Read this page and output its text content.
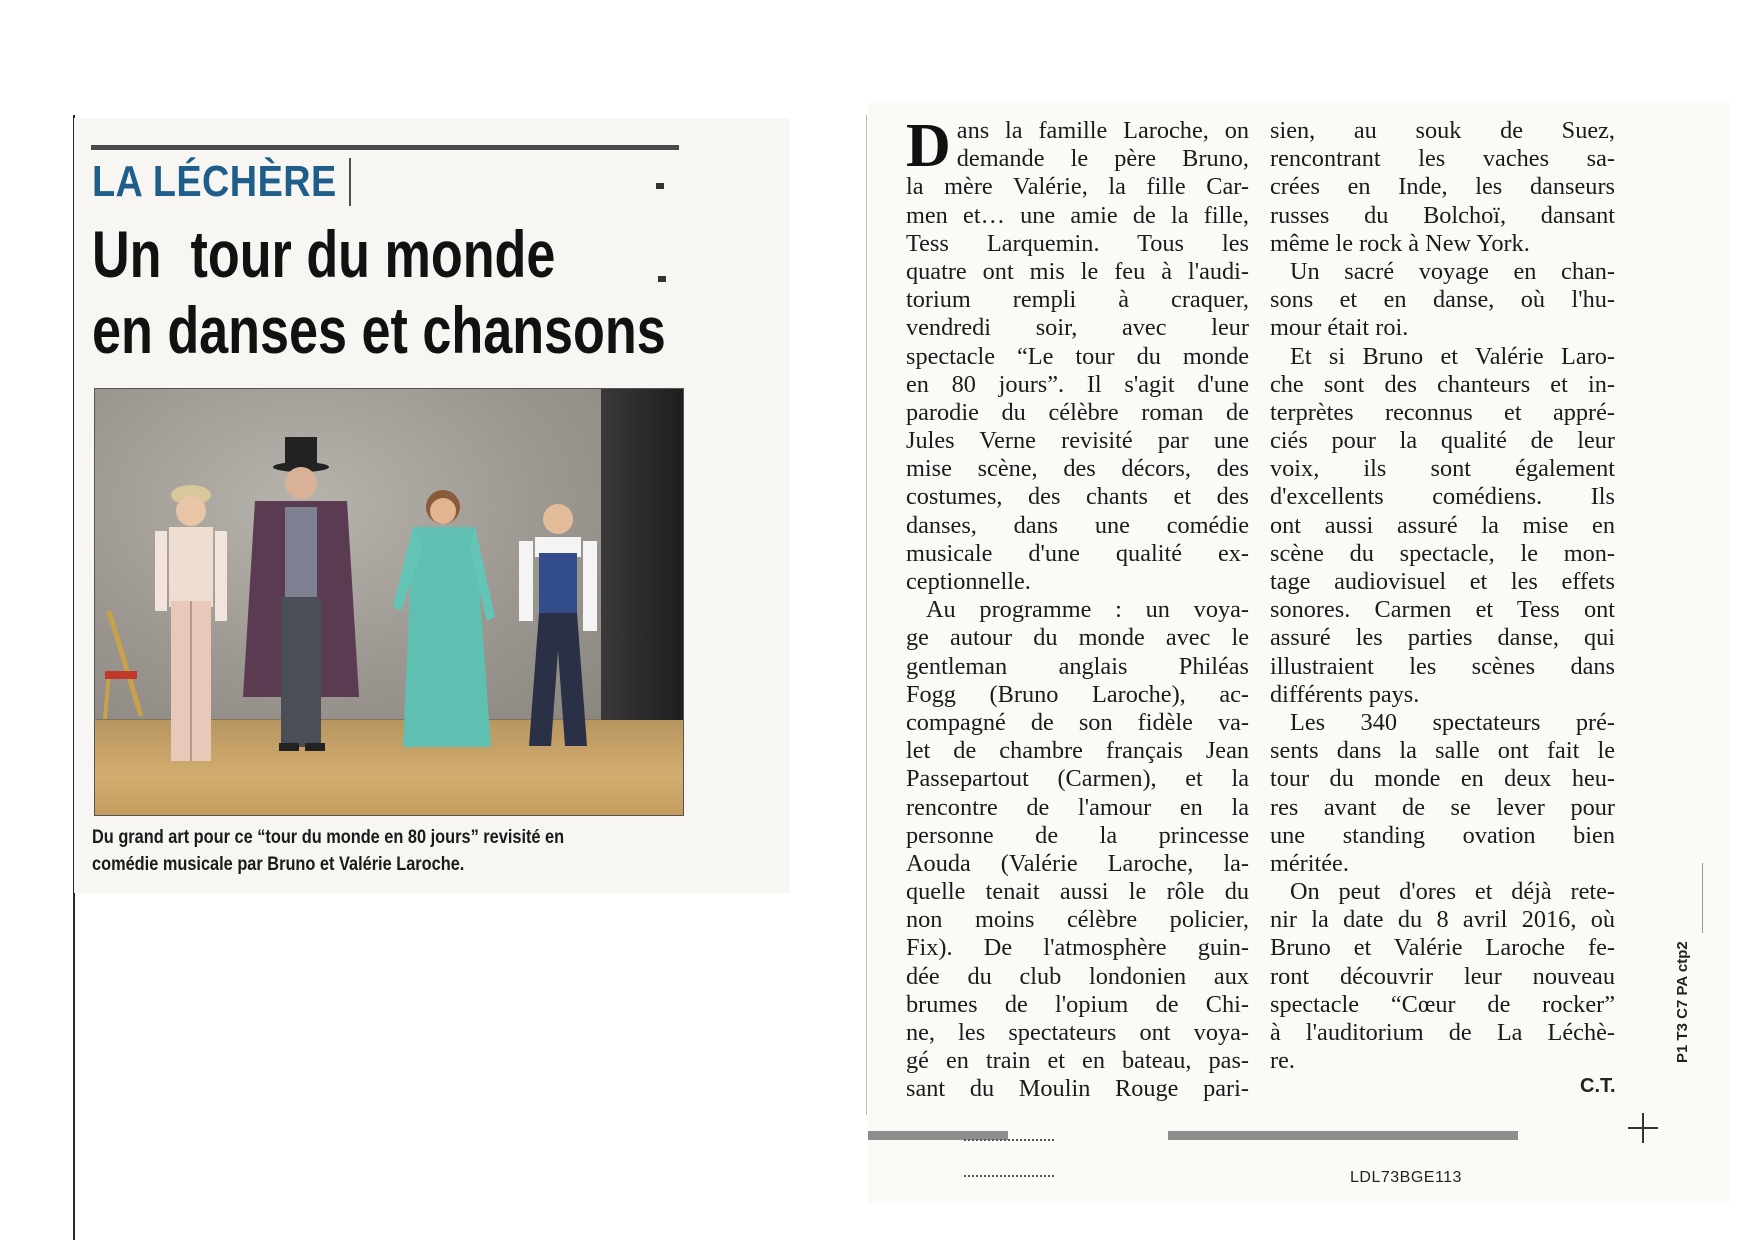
LA LÉCHÈRE
Un  tour du monde
en danses et chansons

Du grand art pour ce “tour du monde en 80 jours” revisité en
comédie musicale par Bruno et Valérie Laroche.

D ans la famille Laroche, on
demande le père Bruno,
la mère Valérie, la fille Car-
men et… une amie de la fille,
Tess Larquemin. Tous les
quatre ont mis le feu à l'audi-
torium rempli à craquer,
vendredi soir, avec leur
spectacle “Le tour du monde
en 80 jours”. Il s'agit d'une
parodie du célèbre roman de
Jules Verne revisité par une
mise scène, des décors, des
costumes, des chants et des
danses, dans une comédie
musicale d'une qualité ex-
ceptionnelle.
Au programme : un voya-
ge autour du monde avec le
gentleman anglais Philéas
Fogg (Bruno Laroche), ac-
compagné de son fidèle va-
let de chambre français Jean
Passepartout (Carmen), et la
rencontre de l'amour en la
personne de la princesse
Aouda (Valérie Laroche, la-
quelle tenait aussi le rôle du
non moins célèbre policier,
Fix). De l'atmosphère guin-
dée du club londonien aux
brumes de l'opium de Chi-
ne, les spectateurs ont voya-
gé en train et en bateau, pas-
sant du Moulin Rouge pari-
sien, au souk de Suez,
rencontrant les vaches sa-
crées en Inde, les danseurs
russes du Bolchoï, dansant
même le rock à New York.
Un sacré voyage en chan-
sons et en danse, où l'hu-
mour était roi.
Et si Bruno et Valérie Laro-
che sont des chanteurs et in-
terprètes reconnus et appré-
ciés pour la qualité de leur
voix, ils sont également
d'excellents comédiens. Ils
ont aussi assuré la mise en
scène du spectacle, le mon-
tage audiovisuel et les effets
sonores. Carmen et Tess ont
assuré les parties danse, qui
illustraient les scènes dans
différents pays.
Les 340 spectateurs pré-
sents dans la salle ont fait le
tour du monde en deux heu-
res avant de se lever pour
une standing ovation bien
méritée.
On peut d'ores et déjà rete-
nir la date du 8 avril 2016, où
Bruno et Valérie Laroche fe-
ront découvrir leur nouveau
spectacle “Cœur de rocker”
à l'auditorium de La Léchè-
re.
C.T.
LDL73BGE113
P1 T3 C7 PA ctp2
